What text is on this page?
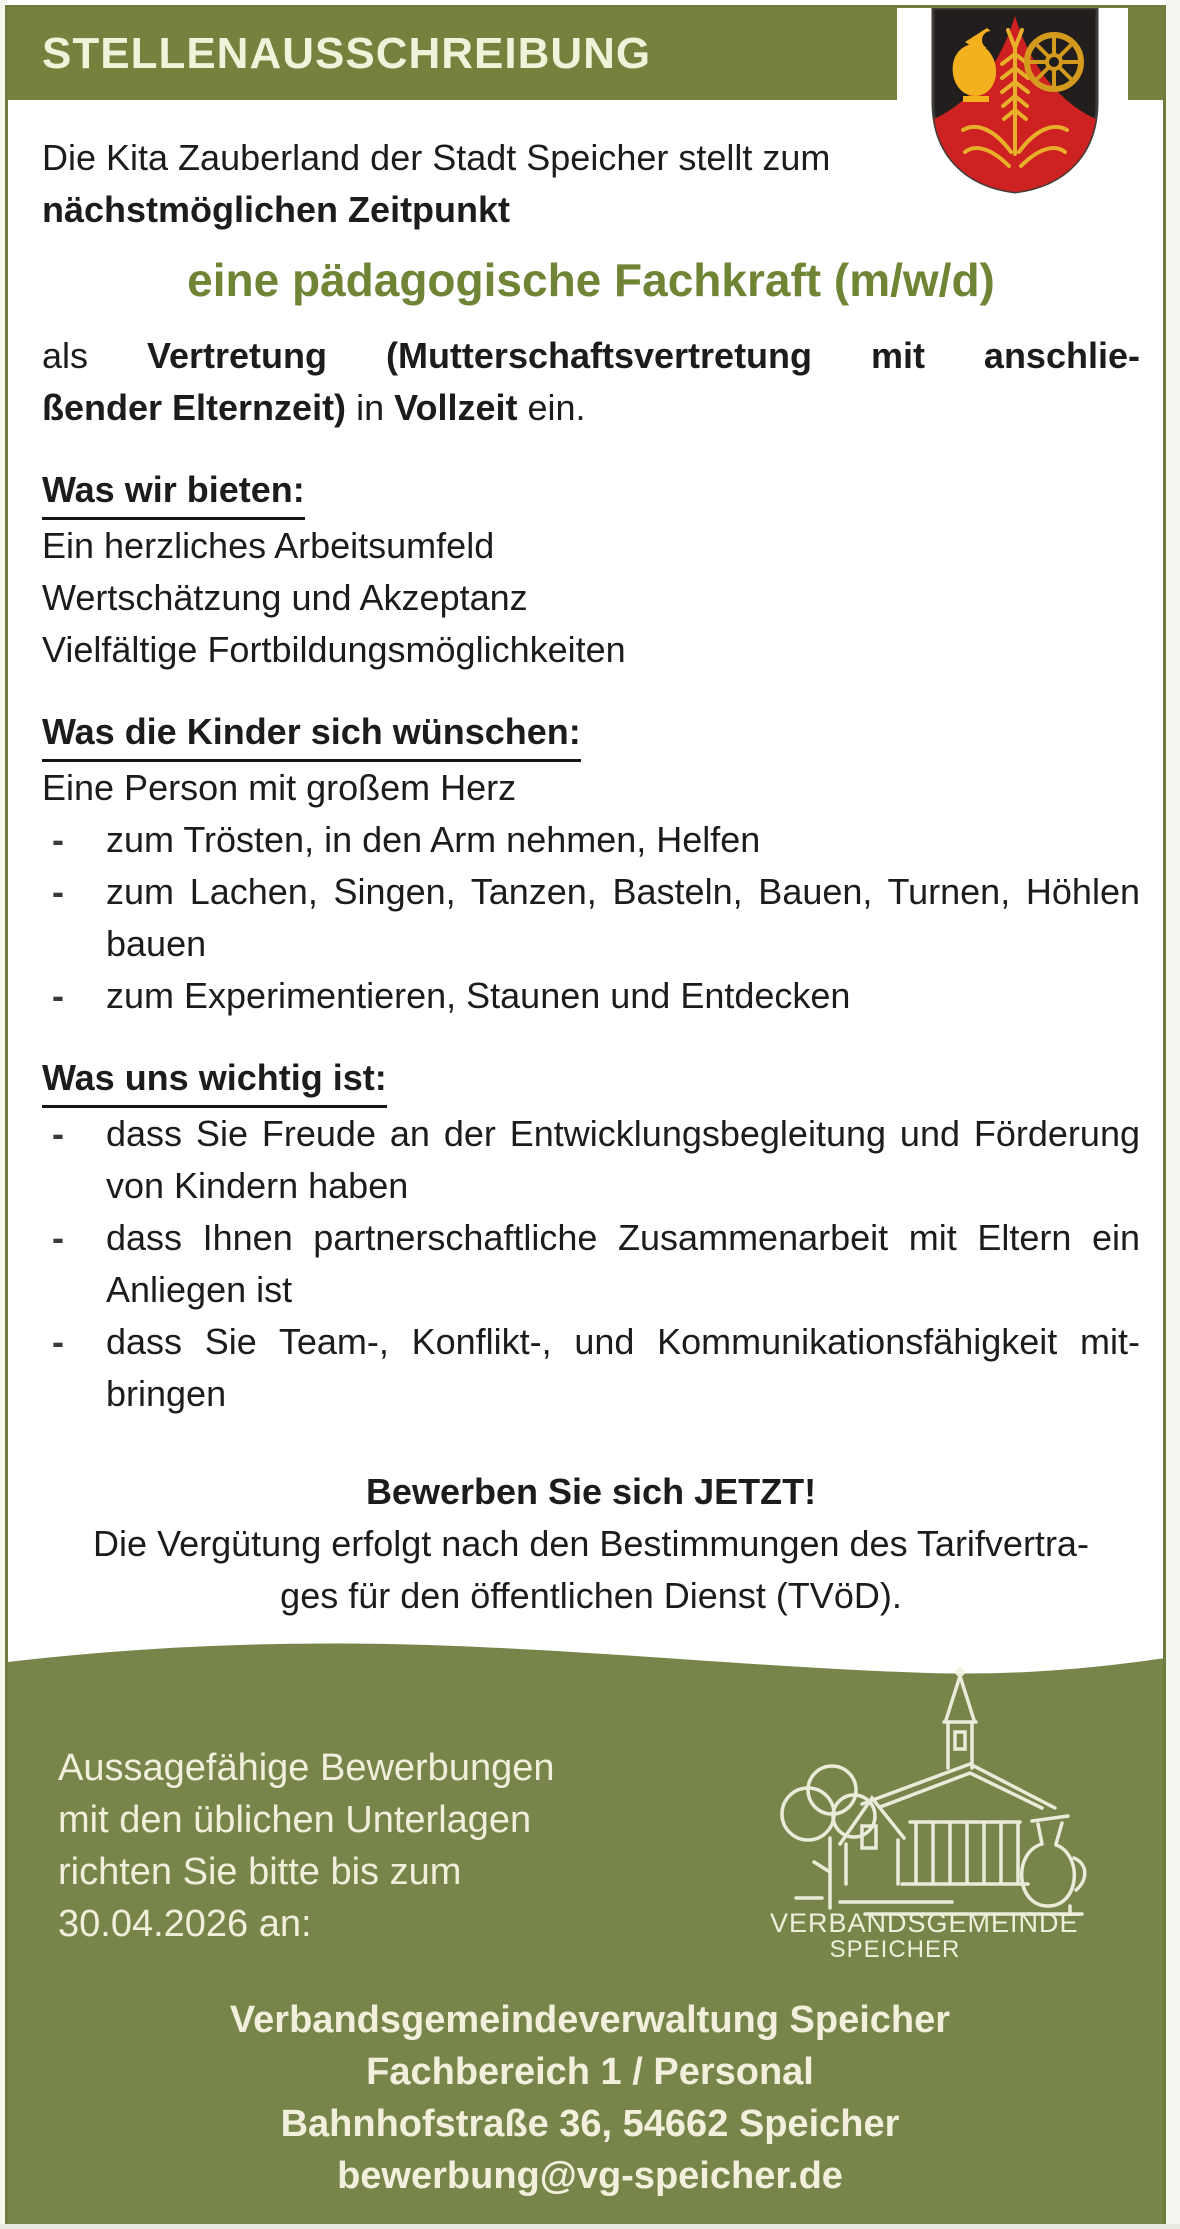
STELLENAUSSCHREIBUNG
Die Kita Zauberland der Stadt Speicher stellt zum
nächstmöglichen Zeitpunkt
eine pädagogische Fachkraft (m/w/d)
als Vertretung (Mutterschaftsvertretung mit anschlie-
ßender Elternzeit) in Vollzeit ein.
Was wir bieten:
Ein herzliches Arbeitsumfeld
Wertschätzung und Akzeptanz
Vielfältige Fortbildungsmöglichkeiten
Was die Kinder sich wünschen:
Eine Person mit großem Herz
- zum Trösten, in den Arm nehmen, Helfen
- zum Lachen, Singen, Tanzen, Basteln, Bauen, Turnen, Höhlen
bauen
- zum Experimentieren, Staunen und Entdecken
Was uns wichtig ist:
- dass Sie Freude an der Entwicklungsbegleitung und Förderung
von Kindern haben
- dass Ihnen partnerschaftliche Zusammenarbeit mit Eltern ein
Anliegen ist
- dass Sie Team-, Konflikt-, und Kommunikationsfähigkeit mit-
bringen
Bewerben Sie sich JETZT!
Die Vergütung erfolgt nach den Bestimmungen des Tarifvertra-
ges für den öffentlichen Dienst (TVöD).
Aussagefähige Bewerbungen
mit den üblichen Unterlagen
richten Sie bitte bis zum
30.04.2026 an:	VERBANDSGEMEINDE
SPEICHER
Verbandsgemeindeverwaltung Speicher
Fachbereich 1 / Personal
Bahnhofstraße 36, 54662 Speicher
bewerbung@vg-speicher.de
